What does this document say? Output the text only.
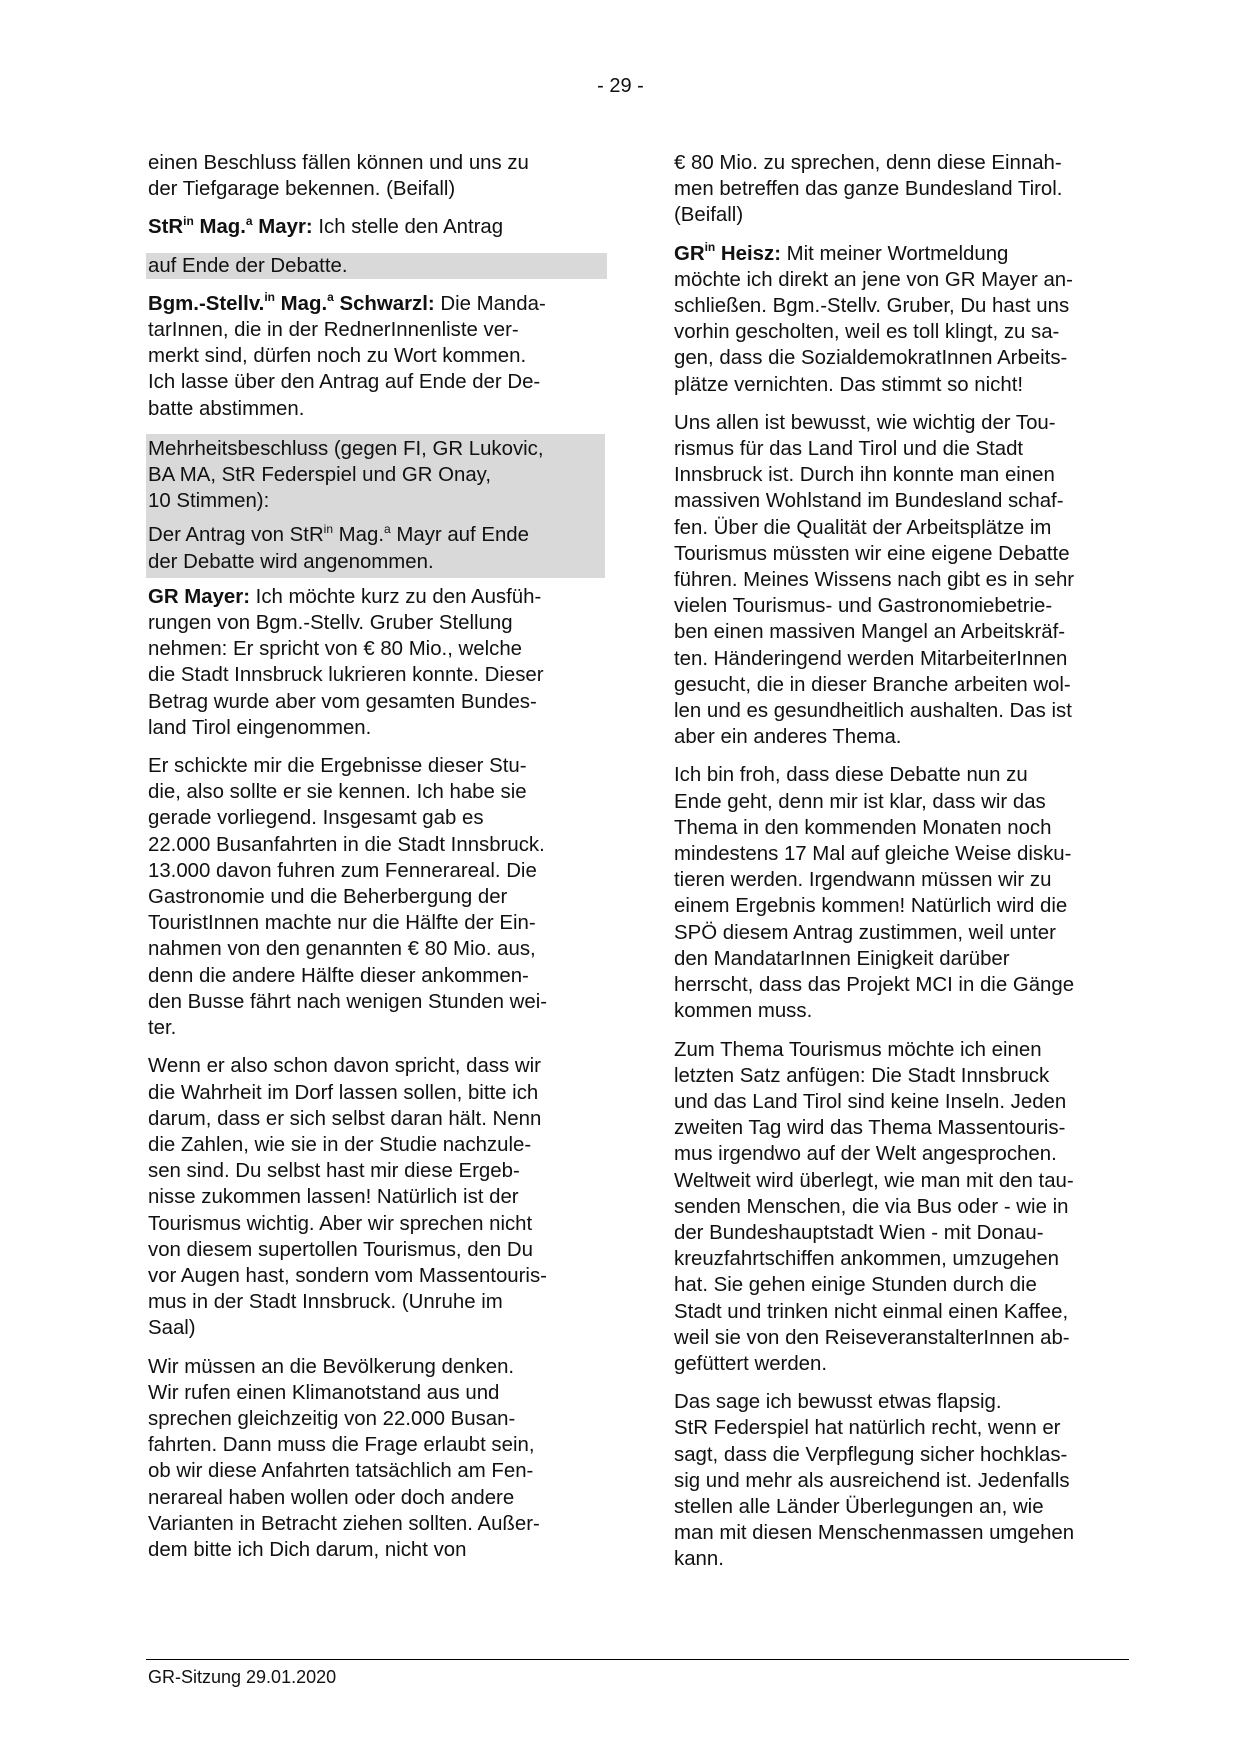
- 29 -

einen Beschluss fällen können und uns zu
der Tiefgarage bekennen. (Beifall)

StR$^{in}$ Mag.$^a$ Mayr: Ich stelle den Antrag

auf Ende der Debatte.

Bgm.-Stellv.$^{in}$ Mag.$^a$ Schwarzl: Die Manda-
tarInnen, die in der RednerInnenliste ver-
merkt sind, dürfen noch zu Wort kommen.
Ich lasse über den Antrag auf Ende der De-
batte abstimmen.

Mehrheitsbeschluss (gegen FI, GR Lukovic,
BA MA, StR Federspiel und GR Onay,
10 Stimmen):

Der Antrag von StR$^{in}$ Mag.$^a$ Mayr auf Ende
der Debatte wird angenommen.

GR Mayer: Ich möchte kurz zu den Ausfüh-
rungen von Bgm.-Stellv. Gruber Stellung
nehmen: Er spricht von € 80 Mio., welche
die Stadt Innsbruck lukrieren konnte. Dieser
Betrag wurde aber vom gesamten Bundes-
land Tirol eingenommen.

Er schickte mir die Ergebnisse dieser Stu-
die, also sollte er sie kennen. Ich habe sie
gerade vorliegend. Insgesamt gab es
22.000 Busanfahrten in die Stadt Innsbruck.
13.000 davon fuhren zum Fennerareal. Die
Gastronomie und die Beherbergung der
TouristInnen machte nur die Hälfte der Ein-
nahmen von den genannten € 80 Mio. aus,
denn die andere Hälfte dieser ankommen-
den Busse fährt nach wenigen Stunden wei-
ter.

Wenn er also schon davon spricht, dass wir
die Wahrheit im Dorf lassen sollen, bitte ich
darum, dass er sich selbst daran hält. Nenn
die Zahlen, wie sie in der Studie nachzule-
sen sind. Du selbst hast mir diese Ergeb-
nisse zukommen lassen! Natürlich ist der
Tourismus wichtig. Aber wir sprechen nicht
von diesem supertollen Tourismus, den Du
vor Augen hast, sondern vom Massentouris-
mus in der Stadt Innsbruck. (Unruhe im
Saal)

Wir müssen an die Bevölkerung denken.
Wir rufen einen Klimanotstand aus und
sprechen gleichzeitig von 22.000 Busan-
fahrten. Dann muss die Frage erlaubt sein,
ob wir diese Anfahrten tatsächlich am Fen-
nerareal haben wollen oder doch andere
Varianten in Betracht ziehen sollten. Außer-
dem bitte ich Dich darum, nicht von

€ 80 Mio. zu sprechen, denn diese Einnah-
men betreffen das ganze Bundesland Tirol.
(Beifall)

$GR^{in}$ Heisz: Mit meiner Wortmeldung
möchte ich direkt an jene von GR Mayer an-
schließen. Bgm.-Stellv. Gruber, Du hast uns
vorhin gescholten, weil es toll klingt, zu sa-
gen, dass die SozialdemokratInnen Arbeits-
plätze vernichten. Das stimmt so nicht!

Uns allen ist bewusst, wie wichtig der Tou-
rismus für das Land Tirol und die Stadt
Innsbruck ist. Durch ihn konnte man einen
massiven Wohlstand im Bundesland schaf-
fen. Über die Qualität der Arbeitsplätze im
Tourismus müssten wir eine eigene Debatte
führen. Meines Wissens nach gibt es in sehr
vielen Tourismus- und Gastronomiebetrie-
ben einen massiven Mangel an Arbeitskräf-
ten. Händeringend werden MitarbeiterInnen
gesucht, die in dieser Branche arbeiten wol-
len und es gesundheitlich aushalten. Das ist
aber ein anderes Thema.

Ich bin froh, dass diese Debatte nun zu
Ende geht, denn mir ist klar, dass wir das
Thema in den kommenden Monaten noch
mindestens 17 Mal auf gleiche Weise disku-
tieren werden. Irgendwann müssen wir zu
einem Ergebnis kommen! Natürlich wird die
SPÖ diesem Antrag zustimmen, weil unter
den MandatarInnen Einigkeit darüber
herrscht, dass das Projekt MCI in die Gänge
kommen muss.

Zum Thema Tourismus möchte ich einen
letzten Satz anfügen: Die Stadt Innsbruck
und das Land Tirol sind keine Inseln. Jeden
zweiten Tag wird das Thema Massentouris-
mus irgendwo auf der Welt angesprochen.
Weltweit wird überlegt, wie man mit den tau-
senden Menschen, die via Bus oder - wie in
der Bundeshauptstadt Wien - mit Donau-
kreuzfahrtschiffen ankommen, umzugehen
hat. Sie gehen einige Stunden durch die
Stadt und trinken nicht einmal einen Kaffee,
weil sie von den ReiseveranstalterInnen ab-
gefüttert werden.

Das sage ich bewusst etwas flapsig.
StR Federspiel hat natürlich recht, wenn er
sagt, dass die Verpflegung sicher hochklas-
sig und mehr als ausreichend ist. Jedenfalls
stellen alle Länder Überlegungen an, wie
man mit diesen Menschenmassen umgehen
kann.

GR-Sitzung 29.01.2020
